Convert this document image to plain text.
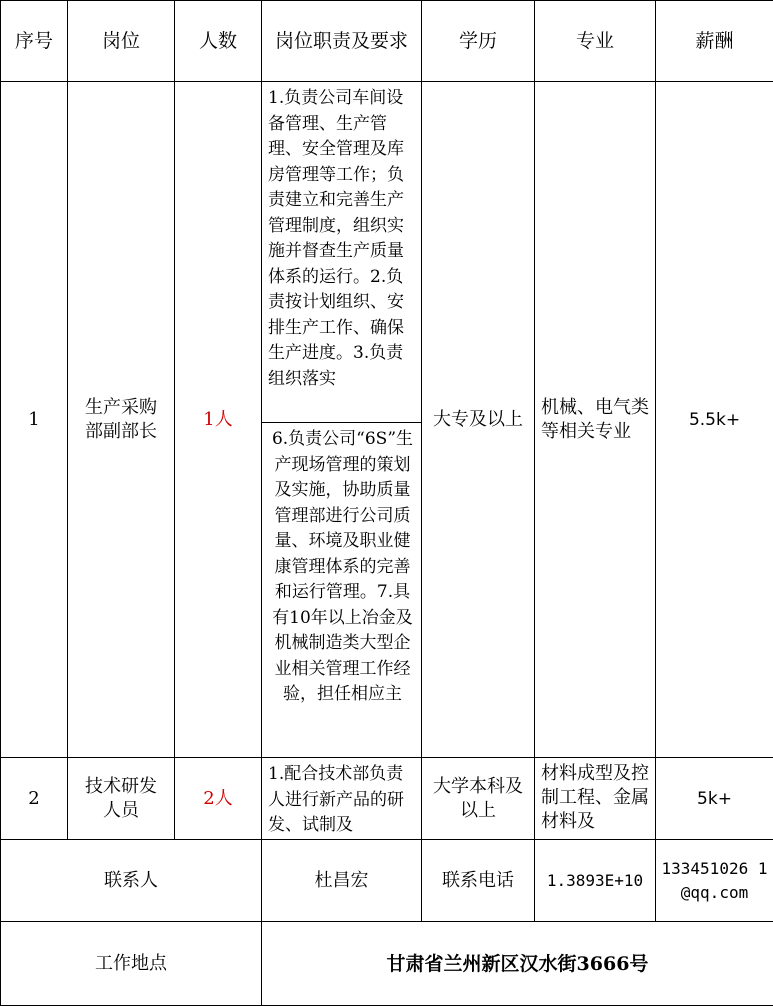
序号	岗位	人数	岗位职责及要求	学历	专业	薪酬
1	生产采购部副部长	1人	1.负责公司车间设备管理、生产管理、安全管理及库房管理等工作；负责建立和完善生产管理制度，组织实施并督查生产质量体系的运行。2.负责按计划组织、安排生产工作、确保生产进度。3.负责组织落实	大专及以上	机械、电气类等相关专业	5.5k+

			6.负责公司“6S”生产现场管理的策划及实施，协助质量管理部进行公司质量、环境及职业健康管理体系的完善和运行管理。7.具有10年以上冶金及机械制造类大型企业相关管理工作经验，担任相应主			

2	技术研发人员	2人	1.配合技术部负责人进行新产品的研发、试制及	大学本科及以上	材料成型及控制工程、金属材料及	5k+
联系人			杜昌宏	联系电话	1.3893E+10	133451026 1@qq.com
工作地点			甘肃省兰州新区汉水街3666号			
